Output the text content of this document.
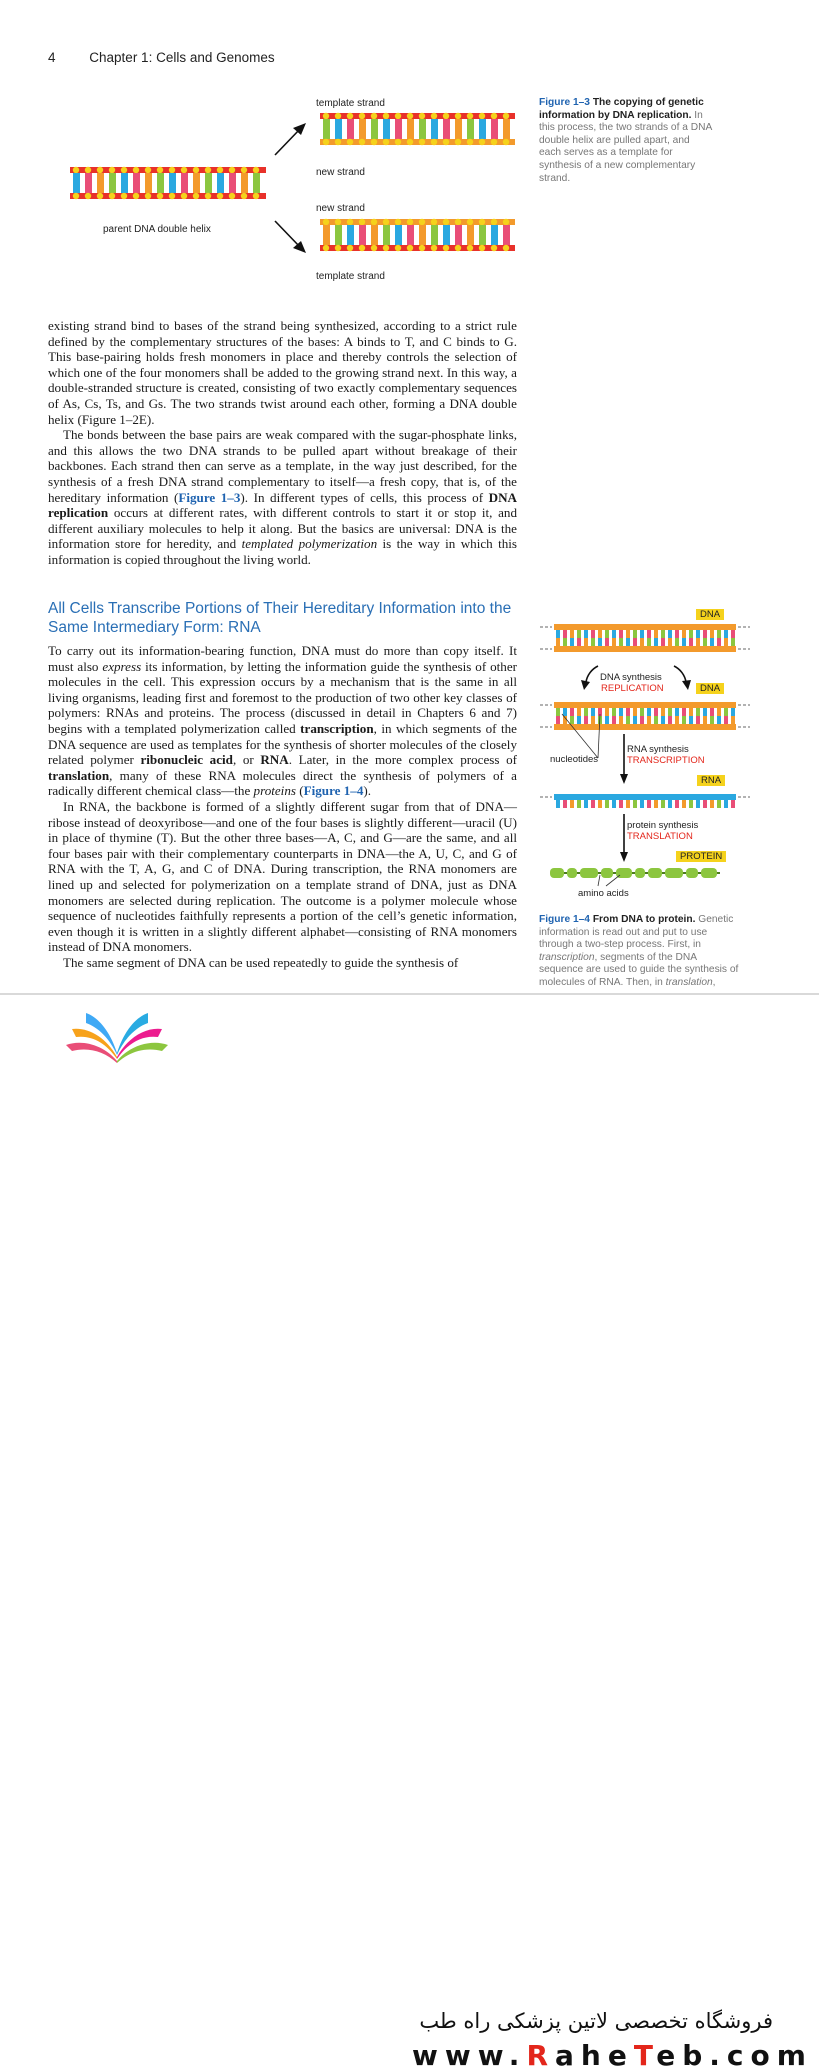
4	Chapter 1: Cells and Genomes
template strand
new strand
new strand
template strand
parent DNA double helix
Figure 1–3 The copying of genetic information by DNA replication. In this process, the two strands of a DNA double helix are pulled apart, and each serves as a template for synthesis of a new complementary strand.

existing strand bind to bases of the strand being synthesized, according to a strict rule defined by the complementary structures of the bases: A binds to T, and C binds to G. This base-pairing holds fresh monomers in place and thereby controls the selection of which one of the four monomers shall be added to the growing strand next. In this way, a double-stranded structure is created, consisting of two exactly complementary sequences of As, Cs, Ts, and Gs. The two strands twist around each other, forming a DNA double helix (Figure 1–2E).

The bonds between the base pairs are weak compared with the sugar-phosphate links, and this allows the two DNA strands to be pulled apart without breakage of their backbones. Each strand then can serve as a template, in the way just described, for the synthesis of a fresh DNA strand complementary to itself—a fresh copy, that is, of the hereditary information (Figure 1–3). In different types of cells, this process of DNA replication occurs at different rates, with different controls to start it or stop it, and different auxiliary molecules to help it along. But the basics are universal: DNA is the information store for heredity, and templated polymerization is the way in which this information is copied throughout the living world.

All Cells Transcribe Portions of Their Hereditary Information into the Same Intermediary Form: RNA

To carry out its information-bearing function, DNA must do more than copy itself. It must also express its information, by letting the information guide the synthesis of other molecules in the cell. This expression occurs by a mechanism that is the same in all living organisms, leading first and foremost to the production of two other key classes of polymers: RNAs and proteins. The process (discussed in detail in Chapters 6 and 7) begins with a templated polymerization called transcription, in which segments of the DNA sequence are used as templates for the synthesis of shorter molecules of the closely related polymer ribonucleic acid, or RNA. Later, in the more complex process of translation, many of these RNA molecules direct the synthesis of polymers of a radically different chemical class—the proteins (Figure 1–4).

In RNA, the backbone is formed of a slightly different sugar from that of DNA—ribose instead of deoxyribose—and one of the four bases is slightly different—uracil (U) in place of thymine (T). But the other three bases—A, C, and G—are the same, and all four bases pair with their complementary counterparts in DNA—the A, U, C, and G of RNA with the T, A, G, and C of DNA. During transcription, the RNA monomers are lined up and selected for polymerization on a template strand of DNA, just as DNA monomers are selected during replication. The outcome is a polymer molecule whose sequence of nucleotides faithfully represents a portion of the cell’s genetic information, even though it is written in a slightly different alphabet—consisting of RNA monomers instead of DNA monomers.

The same segment of DNA can be used repeatedly to guide the synthesis of

DNA
DNA synthesis
REPLICATION	DNA
nucleotides
RNA synthesis
TRANSCRIPTION
RNA
protein synthesis
TRANSLATION
PROTEIN
amino acids
Figure 1–4 From DNA to protein. Genetic information is read out and put to use through a two-step process. First, in transcription, segments of the DNA sequence are used to guide the synthesis of molecules of RNA. Then, in translation,
فروشگاه تخصصی لاتین پزشکی راه طب
www.RaheTeb.com
